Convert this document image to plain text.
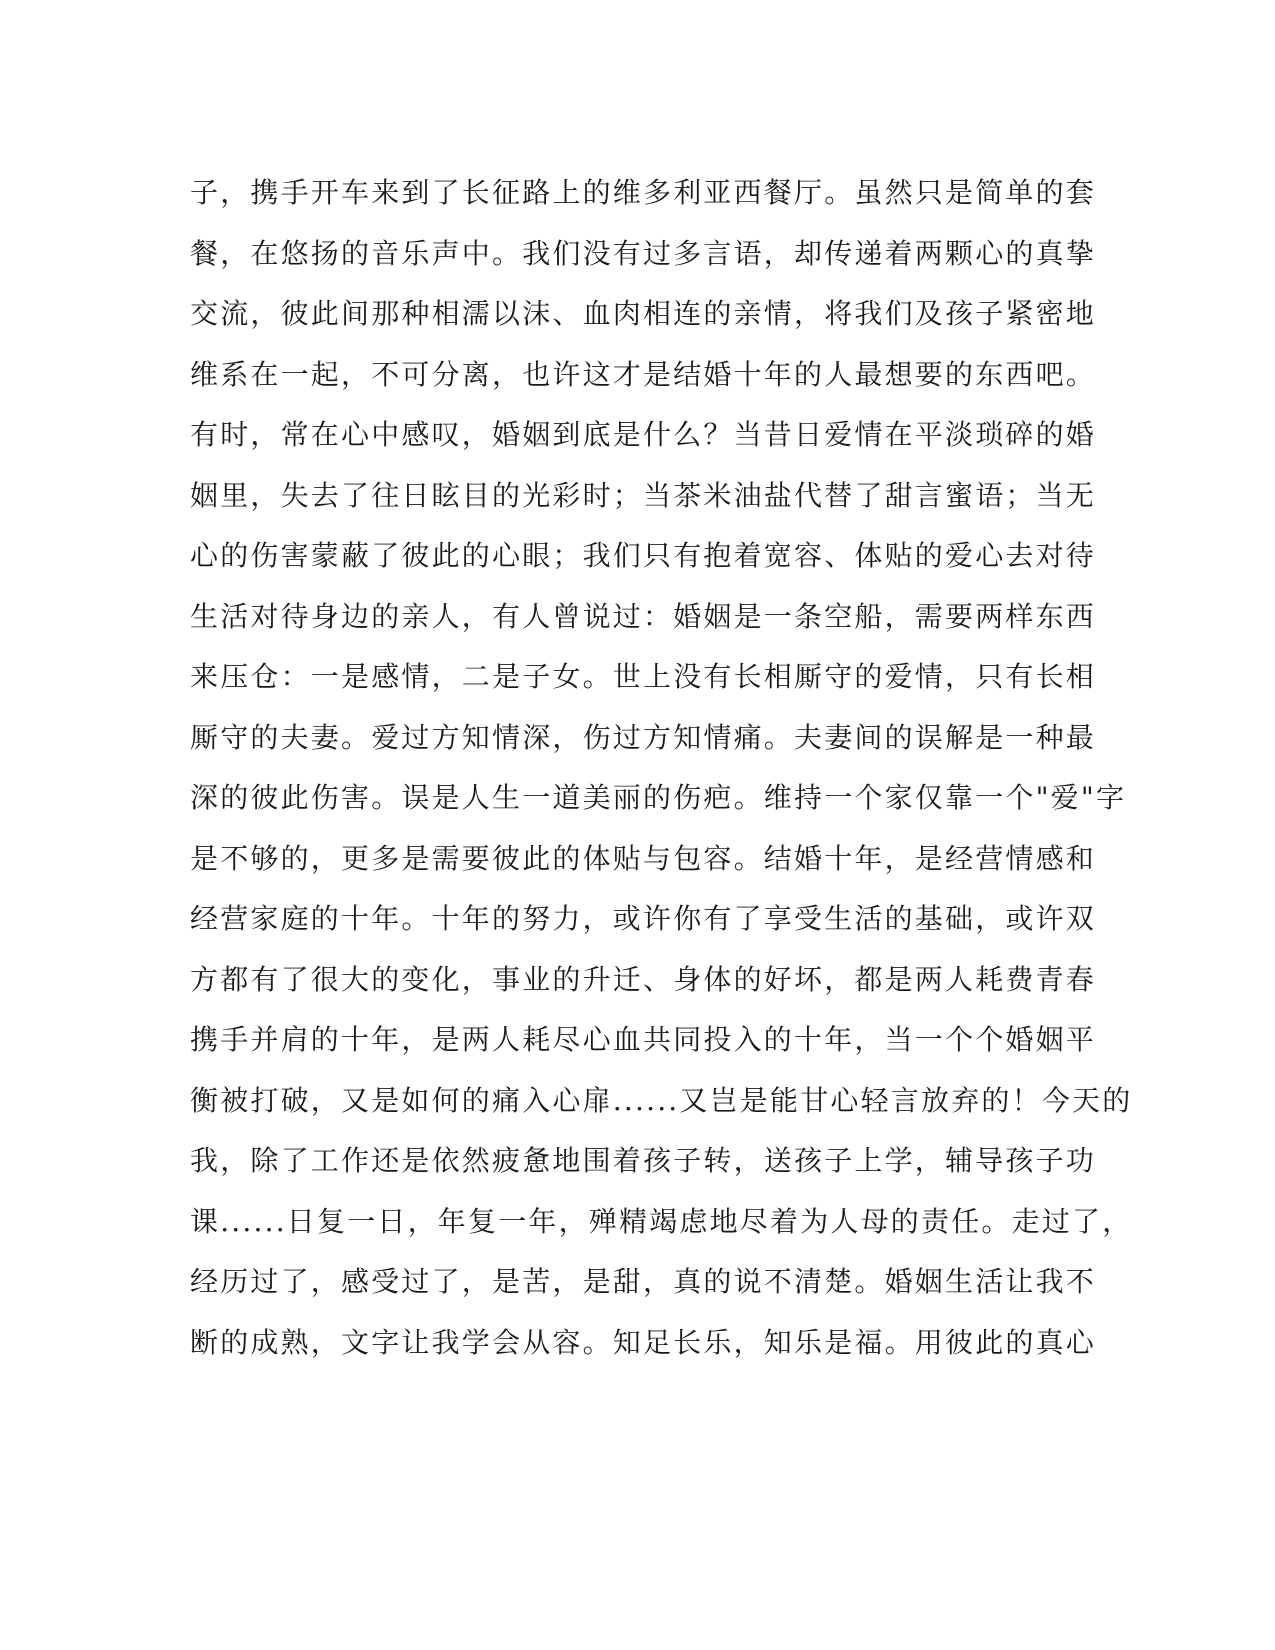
子，携手开车来到了长征路上的维多利亚西餐厅。虽然只是简单的套
餐，在悠扬的音乐声中。我们没有过多言语，却传递着两颗心的真挚
交流，彼此间那种相濡以沫、血肉相连的亲情，将我们及孩子紧密地
维系在一起，不可分离，也许这才是结婚十年的人最想要的东西吧。
有时，常在心中感叹，婚姻到底是什么？当昔日爱情在平淡琐碎的婚
姻里，失去了往日眩目的光彩时；当茶米油盐代替了甜言蜜语；当无
心的伤害蒙蔽了彼此的心眼；我们只有抱着宽容、体贴的爱心去对待
生活对待身边的亲人，有人曾说过：婚姻是一条空船，需要两样东西
来压仓：一是感情，二是子女。世上没有长相厮守的爱情，只有长相
厮守的夫妻。爱过方知情深，伤过方知情痛。夫妻间的误解是一种最
深的彼此伤害。误是人生一道美丽的伤疤。维持一个家仅靠一个"爱"字
是不够的，更多是需要彼此的体贴与包容。结婚十年，是经营情感和
经营家庭的十年。十年的努力，或许你有了享受生活的基础，或许双
方都有了很大的变化，事业的升迁、身体的好坏，都是两人耗费青春
携手并肩的十年，是两人耗尽心血共同投入的十年，当一个个婚姻平
衡被打破，又是如何的痛入心扉......又岂是能甘心轻言放弃的！今天的
我，除了工作还是依然疲惫地围着孩子转，送孩子上学，辅导孩子功
课......日复一日，年复一年，殚精竭虑地尽着为人母的责任。走过了，
经历过了，感受过了，是苦，是甜，真的说不清楚。婚姻生活让我不
断的成熟，文字让我学会从容。知足长乐，知乐是福。用彼此的真心
